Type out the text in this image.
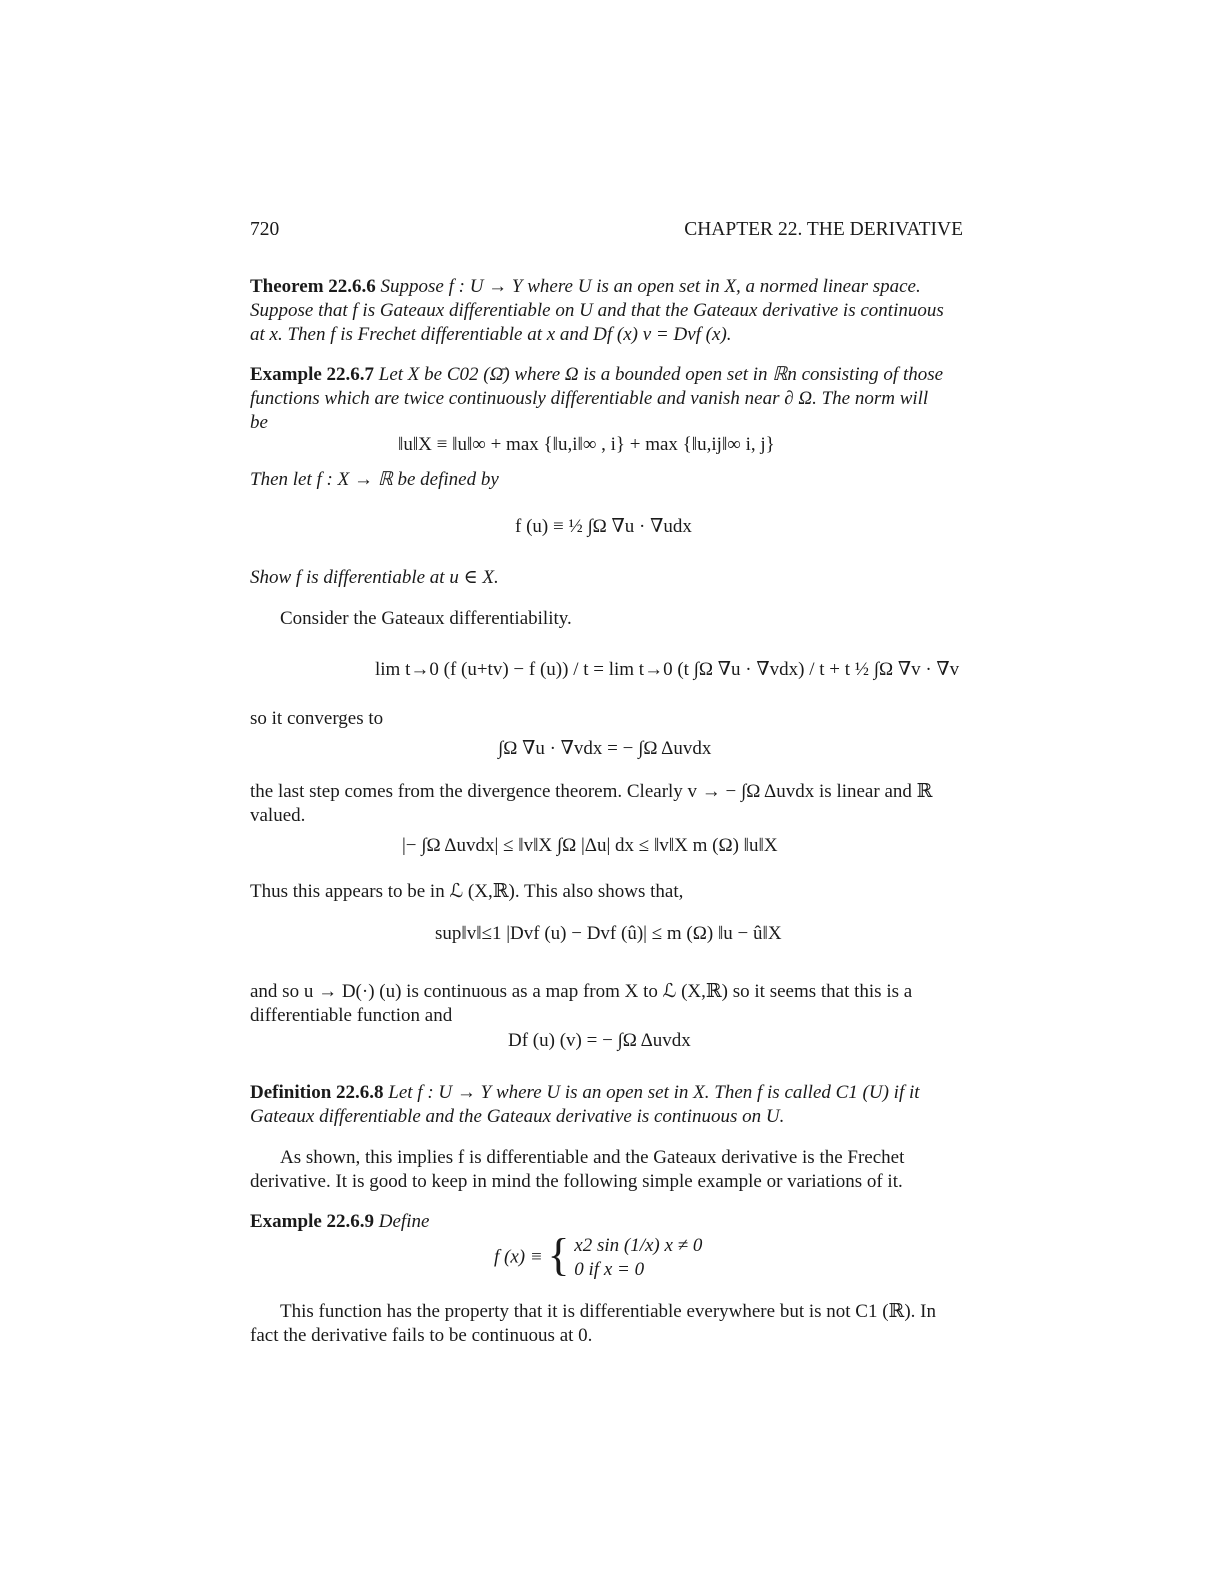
720	CHAPTER 22. THE DERIVATIVE
Theorem 22.6.6 Suppose f : U → Y where U is an open set in X, a normed linear space.
Suppose that f is Gateaux differentiable on U and that the Gateaux derivative is continuous
at x. Then f is Frechet differentiable at x and Df (x) v = Dvf (x).
Example 22.6.7 Let X be C02 (Ω̄) where Ω is a bounded open set in ℝn consisting of those
functions which are twice continuously differentiable and vanish near ∂ Ω. The norm will
be
‖u‖X ≡ ‖u‖∞ + max {‖u,i‖∞ , i} + max {‖u,ij‖∞ i, j}
Then let f : X → ℝ be defined by
f (u) ≡ ½ ∫Ω ∇u · ∇udx
Show f is differentiable at u ∈ X.
Consider the Gateaux differentiability.
lim t→0 (f (u+tv) − f (u)) / t = lim t→0 (t ∫Ω ∇u · ∇vdx) / t + t ½ ∫Ω ∇v · ∇v
so it converges to
∫Ω ∇u · ∇vdx = − ∫Ω Δuvdx
the last step comes from the divergence theorem. Clearly v → − ∫Ω Δuvdx is linear and ℝ
valued.
|− ∫Ω Δuvdx| ≤ ‖v‖X ∫Ω |Δu| dx ≤ ‖v‖X m (Ω) ‖u‖X
Thus this appears to be in ℒ (X,ℝ). This also shows that,
sup‖v‖≤1 |Dvf (u) − Dvf (û)| ≤ m (Ω) ‖u − û‖X
and so u → D(·) (u) is continuous as a map from X to ℒ (X,ℝ) so it seems that this is a
differentiable function and
Df (u) (v) = − ∫Ω Δuvdx
Definition 22.6.8 Let f : U → Y where U is an open set in X. Then f is called C1 (U) if it
Gateaux differentiable and the Gateaux derivative is continuous on U.
As shown, this implies f is differentiable and the Gateaux derivative is the Frechet
derivative. It is good to keep in mind the following simple example or variations of it.
Example 22.6.9 Define
f (x) ≡ { x2 sin (1/x) x ≠ 0
0 if x = 0
This function has the property that it is differentiable everywhere but is not C1 (ℝ). In
fact the derivative fails to be continuous at 0.
